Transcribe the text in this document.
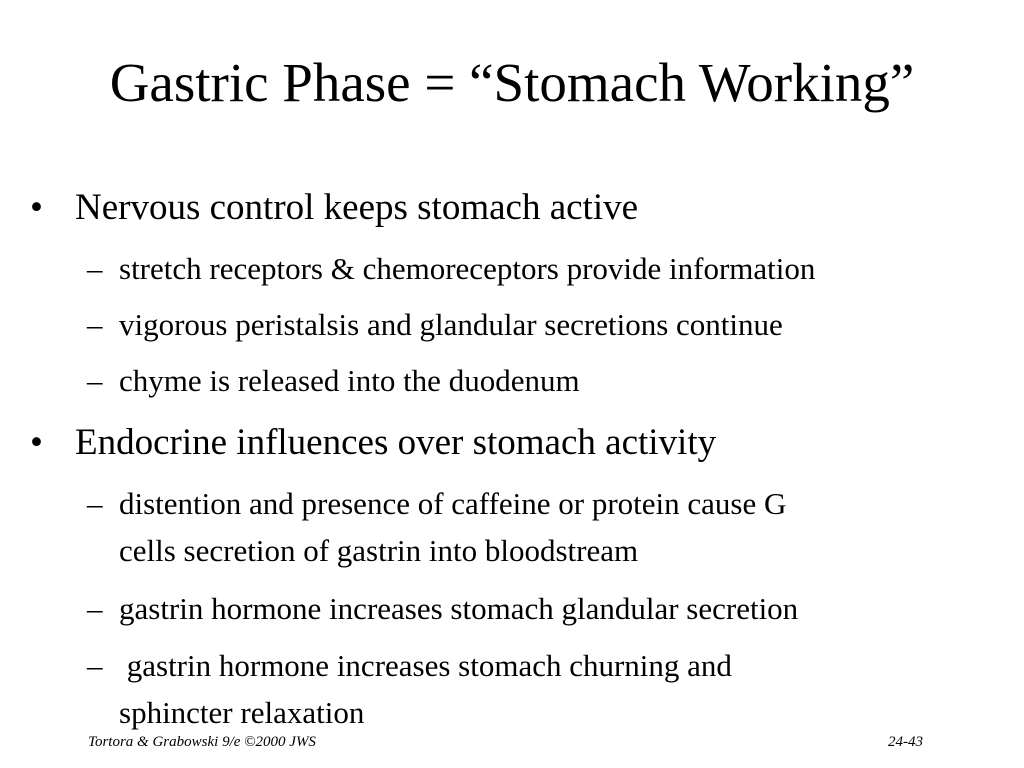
Gastric Phase = “Stomach Working”
• Nervous control keeps stomach active
– stretch receptors & chemoreceptors provide information
– vigorous peristalsis and glandular secretions continue
– chyme is released into the duodenum
• Endocrine influences over stomach activity
– distention and presence of caffeine or protein cause G
cells secretion of gastrin into bloodstream
– gastrin hormone increases stomach glandular secretion
– gastrin hormone increases stomach churning and
sphincter relaxation
Tortora & Grabowski 9/e ©2000 JWS	24-43
